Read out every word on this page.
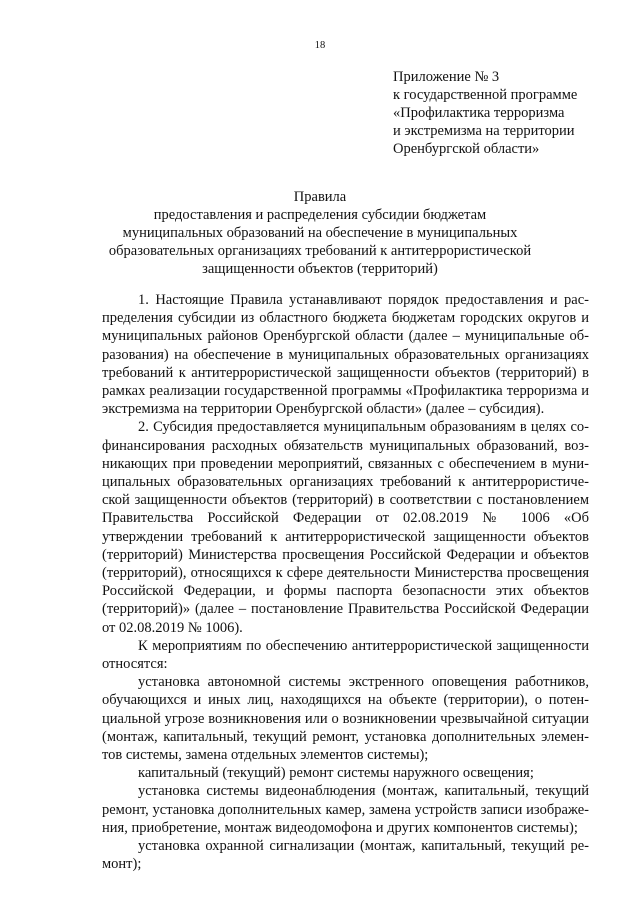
18
Приложение № 3
к государственной программе
«Профилактика терроризма
и экстремизма на территории
Оренбургской области»
Правила
предоставления и распределения субсидии бюджетам
муниципальных образований на обеспечение в муниципальных
образовательных организациях требований к антитеррористической
защищенности объектов (территорий)

1. Настоящие Правила устанавливают порядок предоставления и распределения субсидии из областного бюджета бюджетам городских округов и муниципальных районов Оренбургской области (далее – муниципальные образования) на обеспечение в муниципальных образовательных организациях требований к антитеррористической защищенности объектов (территорий) в рамках реализации государственной программы «Профилактика терроризма и экстремизма на территории Оренбургской области» (далее – субсидия).

2. Субсидия предоставляется муниципальным образованиям в целях софинансирования расходных обязательств муниципальных образований, возникающих при проведении мероприятий, связанных с обеспечением в муниципальных образовательных организациях требований к антитеррористической защищенности объектов (территорий) в соответствии с постановлением Правительства Российской Федерации от 02.08.2019 № 1006 «Об утверждении требований к антитеррористической защищенности объектов (территорий) Министерства просвещения Российской Федерации и объектов (территорий), относящихся к сфере деятельности Министерства просвещения Российской Федерации, и формы паспорта безопасности этих объектов (территорий)» (далее – постановление Правительства Российской Федерации от 02.08.2019 № 1006).

К мероприятиям по обеспечению антитеррористической защищенности относятся:

установка автономной системы экстренного оповещения работников, обучающихся и иных лиц, находящихся на объекте (территории), о потенциальной угрозе возникновения или о возникновении чрезвычайной ситуации (монтаж, капитальный, текущий ремонт, установка дополнительных элементов системы, замена отдельных элементов системы);

капитальный (текущий) ремонт системы наружного освещения;

установка системы видеонаблюдения (монтаж, капитальный, текущий ремонт, установка дополнительных камер, замена устройств записи изображения, приобретение, монтаж видеодомофона и других компонентов системы);

установка охранной сигнализации (монтаж, капитальный, текущий ремонт);
